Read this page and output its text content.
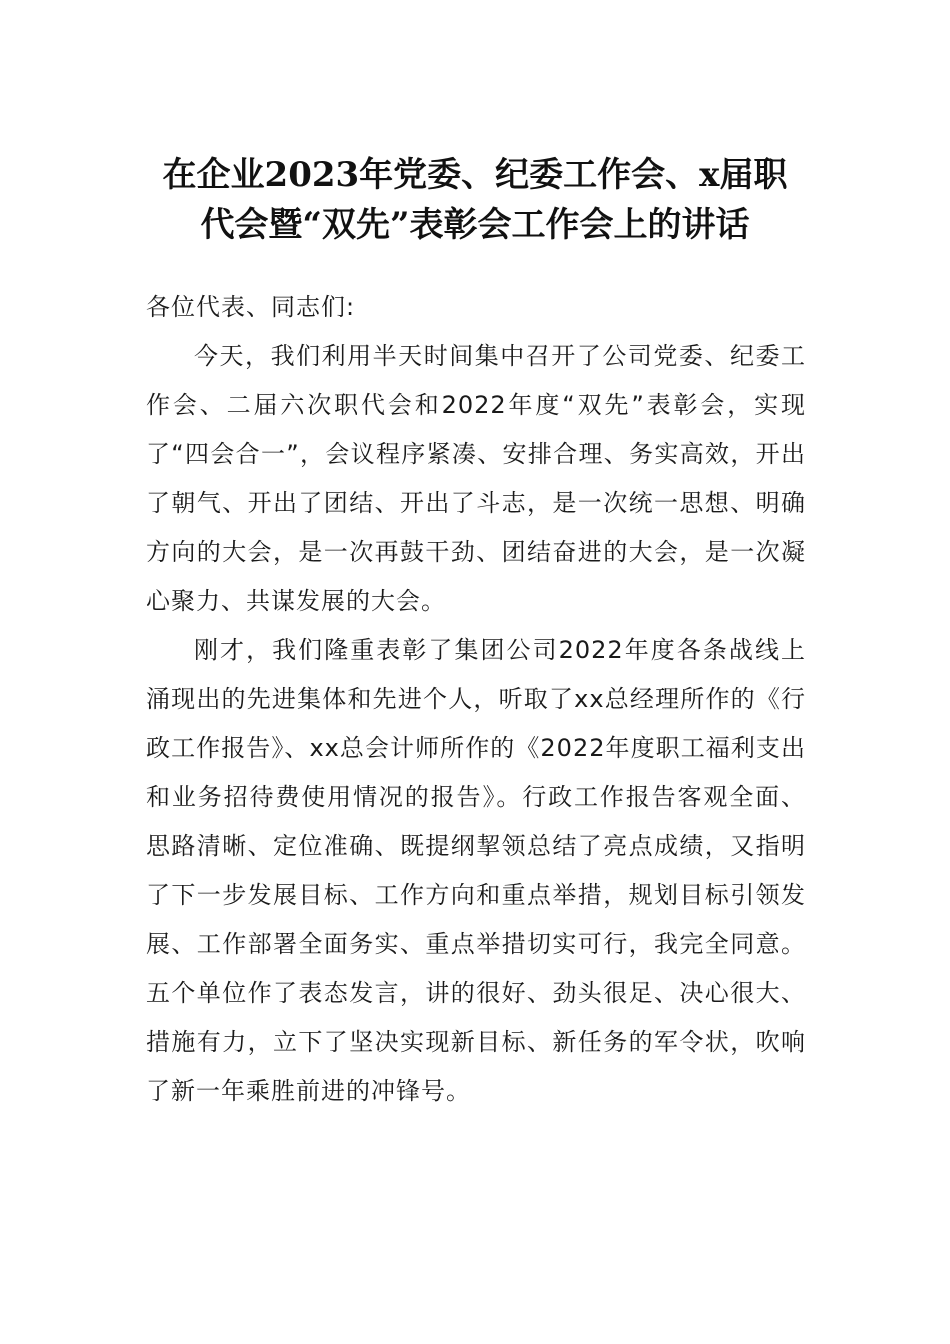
在企业2023年党委、纪委工作会、x届职
代会暨“双先”表彰会工作会上的讲话

各位代表、同志们:

今天，我们利用半天时间集中召开了公司党委、纪委工作会、二届六次职代会和2022年度“双先”表彰会，实现了“四会合一”，会议程序紧凑、安排合理、务实高效，开出了朝气、开出了团结、开出了斗志，是一次统一思想、明确方向的大会，是一次再鼓干劲、团结奋进的大会，是一次凝心聚力、共谋发展的大会。

刚才，我们隆重表彰了集团公司2022年度各条战线上涌现出的先进集体和先进个人，听取了xx总经理所作的《行政工作报告》、xx总会计师所作的《2022年度职工福利支出和业务招待费使用情况的报告》。行政工作报告客观全面、思路清晰、定位准确、既提纲挈领总结了亮点成绩，又指明了下一步发展目标、工作方向和重点举措，规划目标引领发展、工作部署全面务实、重点举措切实可行，我完全同意。五个单位作了表态发言，讲的很好、劲头很足、决心很大、措施有力，立下了坚决实现新目标、新任务的军令状，吹响了新一年乘胜前进的冲锋号。
